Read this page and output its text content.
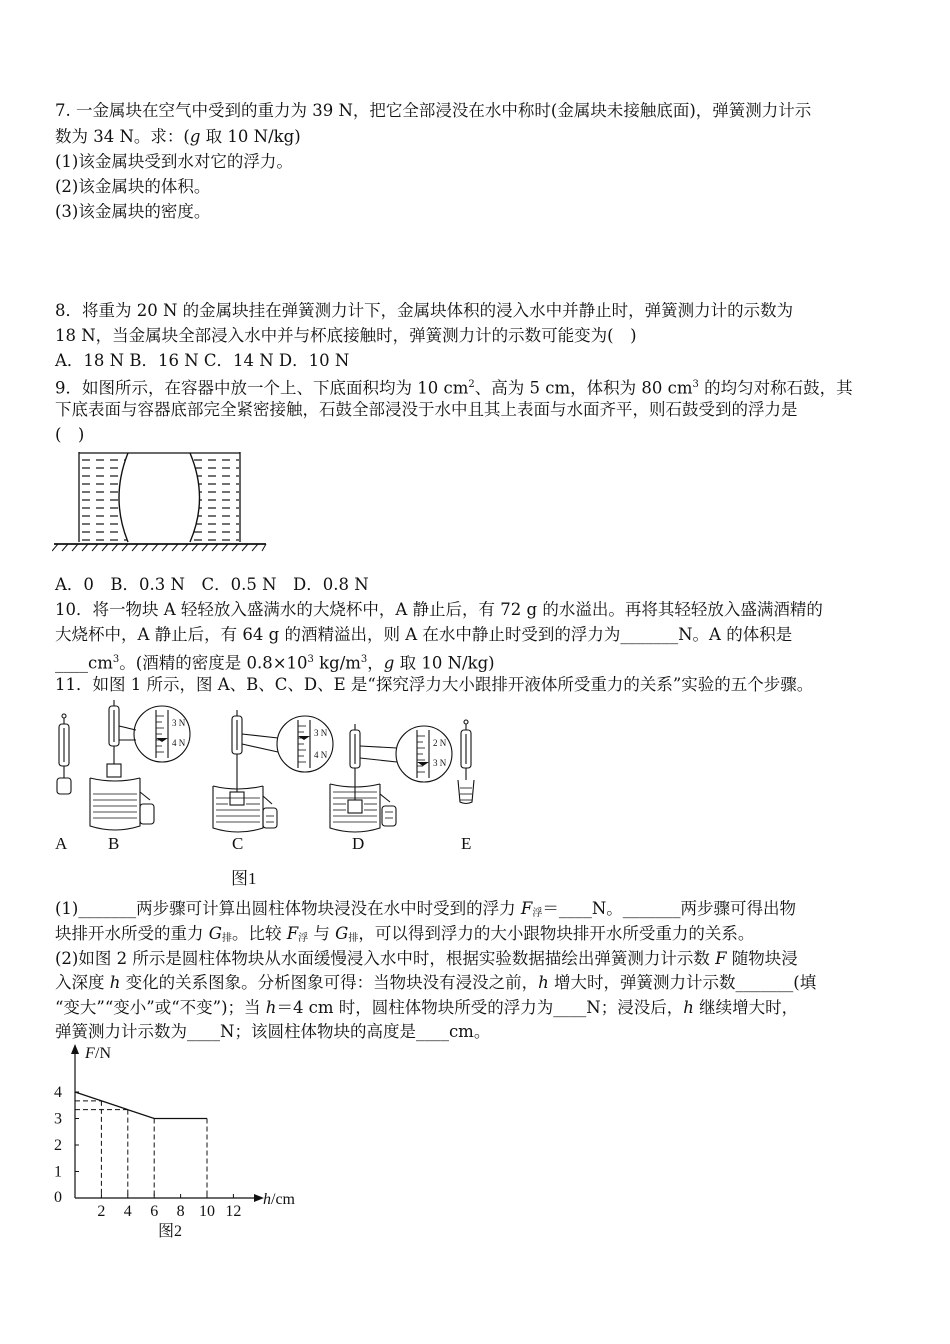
7. 一金属块在空气中受到的重力为 39 N，把它全部浸没在水中称时(金属块未接触底面)，弹簧测力计示
数为 34 N。求：(g 取 10 N/kg)
(1)该金属块受到水对它的浮力。
(2)该金属块的体积。
(3)该金属块的密度。
8．将重为 20 N 的金属块挂在弹簧测力计下，金属块体积的浸入水中并静止时，弹簧测力计的示数为
18 N，当金属块全部浸入水中并与杯底接触时，弹簧测力计的示数可能变为(　)
A．18 N B．16 N C．14 N D．10 N
9．如图所示，在容器中放一个上、下底面积均为 10 $cm^2$、高为 5 cm，体积为 80 $cm^3$ 的均匀对称石鼓，其
下底表面与容器底部完全紧密接触，石鼓全部浸没于水中且其上表面与水面齐平，则石鼓受到的浮力是
(　)
A．0　B．0.3 N　C．0.5 N　D．0.8 N
10．将一物块 A 轻轻放入盛满水的大烧杯中，A 静止后，有 72 g 的水溢出。再将其轻轻放入盛满酒精的
大烧杯中，A 静止后，有 64 g 的酒精溢出，则 A 在水中静止时受到的浮力为_______N。A 的体积是
$\_\_\_\_cm^3$。(酒精的密度是 $0.8\times 10^3$ $kg/m^3$，g 取 10 N/kg)
11．如图 1 所示，图 A、B、C、D、E 是“探究浮力大小跟排开液体所受重力的关系”实验的五个步骤。
3 N
4 N
3 N
4 N
2 N
3 N
A B	C	D	E
图1
(1)_______两步骤可计算出圆柱体物块浸没在水中时受到的浮力 $F_浮=\_\_\_\_N$。_______两步骤可得出物
块排开水所受的重力 $G_排$。比较 $F_浮$ 与 $G_排$，可以得到浮力的大小跟物块排开水所受重力的关系。
(2)如图 2 所示是圆柱体物块从水面缓慢浸入水中时，根据实验数据描绘出弹簧测力计示数 F 随物块浸
入深度 h 变化的关系图象。分析图象可得：当物块没有浸没之前，h 增大时，弹簧测力计示数_______(填
“变大”“变小”或“不变”)；当 h＝4 cm 时，圆柱体物块所受的浮力为____N；浸没后，h 继续增大时，
弹簧测力计示数为____N；该圆柱体物块的高度是____cm。
F /N
h /cm
0
1
2
3
4
2 4 6 8 10 12
图2
